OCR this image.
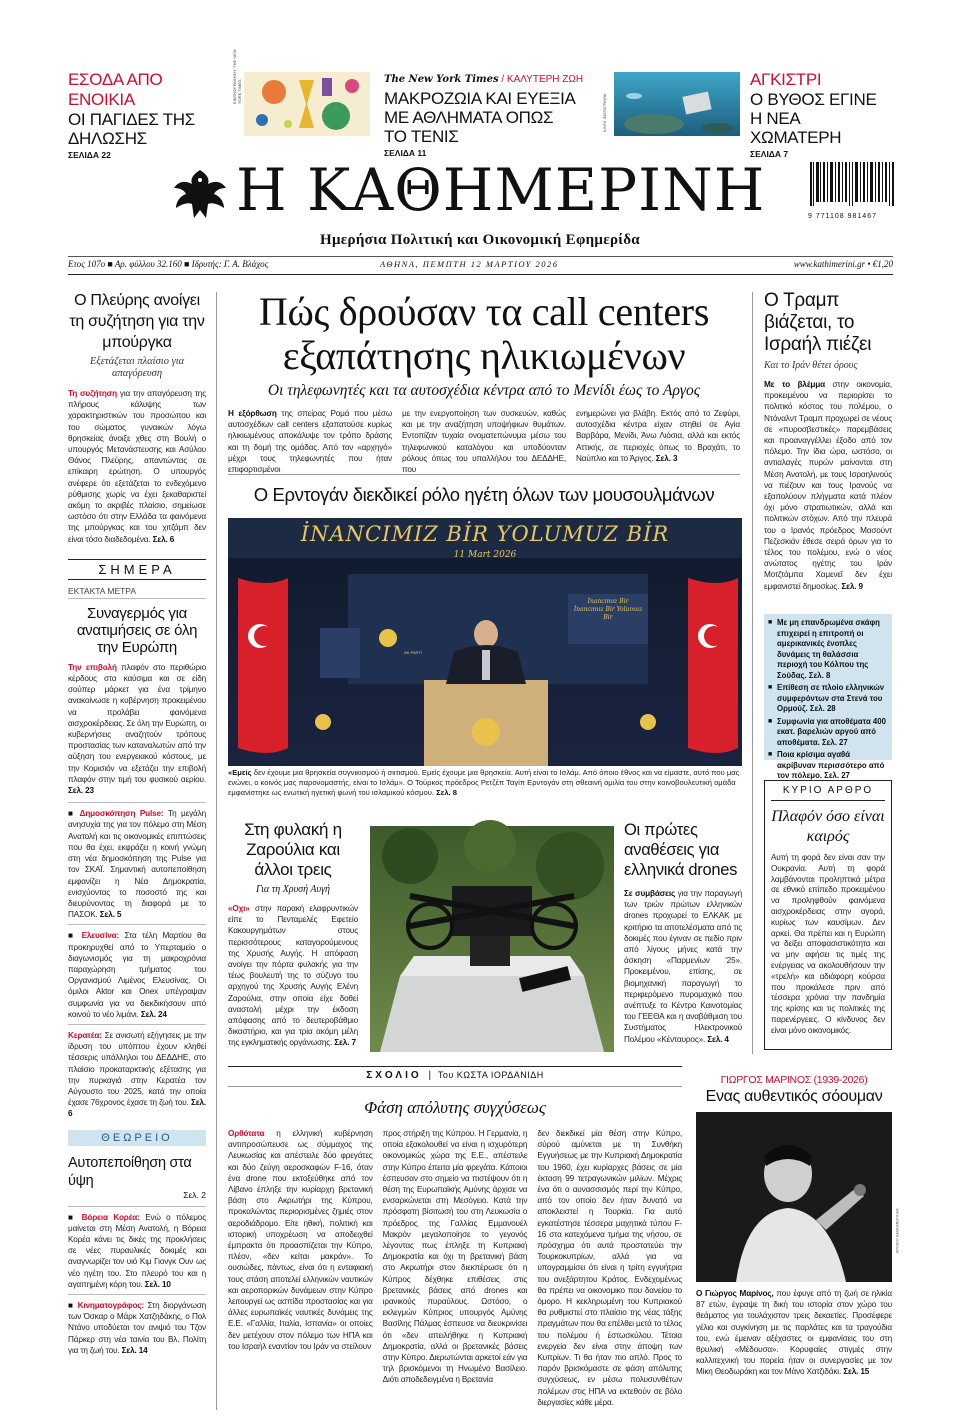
ΕΣΟΔΑ ΑΠΟ ΕΝΟΙΚΙΑ
ΟΙ ΠΑΓΙΔΕΣ ΤΗΣ ΔΗΛΩΣΗΣ
ΣΕΛΙΔΑ 22
ΕΙΚΟΝΟΓΡΑΦΗΣΗ: ΤΗΕ NEW YORK TIMES	The New York Times / ΚΑΛΥΤΕΡΗ ΖΩΗ
ΜΑΚΡΟΖΩΙΑ ΚΑΙ ΕΥΕΞΙΑ ΜΕ ΑΘΛΗΜΑΤΑ ΟΠΩΣ ΤΟ ΤΕΝΙΣ
ΣΕΛΙΔΑ 11
ΚΙΝΓΚ ΦΩΤΟΓΡΑΦΙΑ
ΑΓΚΙΣΤΡΙ
Ο ΒΥΘΟΣ ΕΓΙΝΕ Η ΝΕΑ ΧΩΜΑΤΕΡΗ
ΣΕΛΙΔΑ 7
Η ΚΑΘΗΜΕΡΙΝΗ	9 771108 981467
Ημερήσια Πολιτική και Οικονομική Εφημερίδα
Ετος 107ο ■ Αρ. φύλλου 32.160 ■ Ιδρυτής: Γ. Α. Βλάχος	ΑΘΗΝΑ, ΠΕΜΠΤΗ 12 ΜΑΡΤΙΟΥ 2026	www.kathimerini.gr • €1,20
Ο Πλεύρης ανοίγει τη συζήτηση για την μπούργκα
Εξετάζεται πλαίσιο για απαγόρευση

Τη συζήτηση για την απαγόρευση της πλήρους κάλυψης των χαρακτηριστικών του προσώπου και του σώματος γυναικών λόγω θρησκείας άνοιξε χθες στη Βουλή ο υπουργός Μετανάστευσης και Ασύλου Θάνος Πλεύρης, απαντώντας σε επίκαιρη ερώτηση. Ο υπουργός ανέφερε ότι εξετάζεται το ενδεχόμενο ρύθμισης χωρίς να έχει ξεκαθαριστεί ακόμη το ακριβές πλαίσιο, σημείωσε ωστόσο ότι στην Ελλάδα τα φαινόμενα της μπούργκας και του χιτζάμπ δεν είναι τόσο διαδεδομένα. Σελ. 6

ΣΗΜΕΡΑ
ΕΚΤΑΚΤΑ ΜΕΤΡΑ
Συναγερμός για ανατιμήσεις σε όλη την Ευρώπη

Την επιβολή πλαφόν στο περιθώριο κέρδους στα καύσιμα και σε είδη σούπερ μάρκετ για ένα τρίμηνο ανακοίνωσε η κυβέρνηση προκειμένου να προλάβει φαινόμενα αισχροκέρδειας. Σε όλη την Ευρώπη, οι κυβερνήσεις αναζητούν τρόπους προστασίας των καταναλωτών από την αύξηση του ενεργειακού κόστους, με την Κομισιόν να εξετάζει την επιβολή πλαφόν στην τιμή του φυσικού αερίου. Σελ. 23

■ Δημοσκόπηση Pulse: Τη μεγάλη ανησυχία της για τον πόλεμο στη Μέση Ανατολή και τις οικονομικές επιπτώσεις που θα έχει, εκφράζει η κοινή γνώμη στη νέα δημοσκόπηση της Pulse για τον ΣΚΑΪ. Σημαντική αυτοπεποίθηση εμφανίζει η Νέα Δημοκρατία, ενισχύοντας το ποσοστό της και διευρύνοντας τη διαφορά με το ΠΑΣΟΚ. Σελ. 5

■ Ελευσίνα: Στα τέλη Μαρτίου θα προκηρυχθεί από το Υπερταμείο ο διαγωνισμός για τη μακροχρόνια παραχώρηση τμήματος του Οργανισμού Λιμένος Ελευσίνας. Οι όμιλοι Aktor και Onex υπέγραψαν συμφωνία για να διεκδικήσουν από κοινού το νέο λιμάνι. Σελ. 24

Κερατέα: Σε ανισωτή εξήγησεις με την ίδρυση του υπόπτου έχουν κληθεί τέσσερις υπάλληλοι του ΔΕΔΔΗΕ, στο πλαίσιο προκαταρκτικής εξέτασης για την πυρκαγιά στην Κερατέα τον Αύγουστο του 2025, κατά την οποία έχασε 76χρονος έχασε τη ζωή του. Σελ. 6

ΘΕΩΡΕΙΟ
Αυτοπεποίθηση στα ύψη
Σελ. 2

■ Βόρεια Κορέα: Ενώ ο πόλεμος μαίνεται στη Μέση Ανατολή, η Βόρεια Κορέα κάνει τις δικές της προκλήσεις σε νέες πυραυλικές δοκιμές και αναγνωρίζει τον υιό Κιμ Γιονγκ Ουν ως νέο ηγέτη του. Στο πλευρό του και η αγαπημένη κόρη του. Σελ. 10

■ Κινηματογράφος: Στη διοργάνωση των Όσκαρ ο Μάρκ Χατζηδάκης, ο Πολ Ντάνο υποδύεται τον ανιψιό του Τζον Πάρκερ στη νέα ταινία του Βλ. Πολίτη για τη ζωή του. Σελ. 14

Πώς δρούσαν τα call centers εξαπάτησης ηλικιωμένων
Οι τηλεφωνητές και τα αυτοσχέδια κέντρα από το Μενίδι έως το Αργος

Η εξόρθωση της σπείρας Ρομά που μέσω αυτοσχέδιων call centers εξαπατούσε κυρίως ηλικιωμένους αποκάλυψε τον τρόπο δράσης και τη δομή της ομάδας. Από τον «αρχηγό» μέχρι τους τηλεφωνητές που ήταν επιφορτισμένοι

με την ενεργοποίηση των συσκευών, καθώς και με την αναζήτηση υποψήφιων θυμάτων. Εντοπίζαν τυχαία ονοματεπώνυμα μέσω του τηλεφωνικού καταλόγου και υποδύονταν ρόλους όπως του υπαλλήλου του ΔΕΔΔΗΕ, που

ενημερώνει για βλάβη. Εκτός από το Ζεφύρι, αυτοσχέδια κέντρα είχαν στηθεί σε Αγία Βαρβάρα, Μενίδι, Άνω Λιόσια, αλλά και εκτός Αττικής, σε περιοχές όπως το Βραχάτι, το Ναύπλιο και το Άργος. Σελ. 3

Ο Ερντογάν διεκδικεί ρόλο ηγέτη όλων των μουσουλμάνων
İNANCIMIZ BİR YOLUMUZ BİR
11 Mart 2026
İnancımız Bir İnancımız Bir Yolumuz Bir
AK PARTİ

«Εμείς δεν έχουμε μια θρησκεία συγνικισμού ή σιιτισμού. Εμείς έχουμε μια θρησκεία. Αυτή είναι το Ισλάμ. Από όποιο έθνος και να είμαστε, αυτό που μας ενώνει, ο κοινός μας παρονομαστής, είναι το Ισλάμ». Ο Τούρκος πρόεδρος Ρετζέπ Ταγίπ Ερντογάν στη σθεαινή ομιλία του στην κοινοβουλευτική ομάδα εμφανίστηκε ως ενωτική ηγετική φωνή του ισλαμικού κόσμου. Σελ. 8

Ο Τραμπ βιάζεται, το Ισραήλ πιέζει
Και το Ιράν θέτει όρους

Με το βλέμμα στην οικονομία, προκειμένου να περιορίσει το πολιτικό κόστος του πολέμου, ο Ντόναλντ Τραμπ προχωρεί σε νέους σε «πυροσβεστικές» παρεμβάσεις και προαναγγέλλει έξοδο από τον πόλεμο. Την ίδια ώρα, ωστόσο, οι αντιαλαγές πυρών μαίνονται στη Μέση Ανατολή, με τους Ισραηλινούς να πιέζουν και τους Ιρανούς να εξαπολύουν πλήγματα κατά πλέον όχι μόνο στρατιωτικών, αλλά και πολιτικών στόχων. Από την πλευρά του ο Ιρανός πρόεδρος Μασούντ Πεζεσκιάν έθεσε σειρά όρων για το τέλος του πολέμου, ενώ ο νέος ανώτατος ηγέτης του Ιράν Μοτζτάμπα Χαμενεΐ δεν έχει εμφανιστεί δημοσίως. Σελ. 9

■ Με μη επανδρωμένα σκάφη επιχειρεί η επιτροπή οι αμερικανικές ένοπλες δυνάμεις τη θαλάσσια περιοχή του Κόλπου της Σούδας. Σελ. 8

■ Επίθεση σε πλοίο ελληνικών συμφερόντων στα Στενά του Ορμούζ. Σελ. 28

■ Συμφωνία για αποθέματα 400 εκατ. βαρελιών αργού από αποθέματα. Σελ. 27

■ Ποια κρίσιμα αγαθά ακρίβυναν περισσότερο από τον πόλεμο. Σελ. 27

ΚΥΡΙΟ ΑΡΘΡΟ
Πλαφόν όσο είναι καιρός

Αυτή τη φορά δεν είναι σαν την Ουκρανία. Αυτή τη φορά λαμβάνονται προληπτικά μέτρα σε εθνικό επίπεδο προκειμένου να προληφθούν φαινόμενα αισχροκέρδειας στην αγορά, κυρίως των καυσίμων. Δεν αρκεί. Θα πρέπει και η Ευρώπη να δείξει αποφασιστικότητα και να μην αφήσει τις τιμές της ενέργειας να ακολουθήσουν την «τρελή» και αδιάφορη κούρσα που προκάλεσε πριν από τέσσερα χρόνια την πανδημία της κρίσης και τις πολιτικές της παρενέργειες. Ο κίνδυνος δεν είναι μόνο οικονομικός.

Στη φυλακή η Ζαρούλια και άλλοι τρεις
Για τη Χρυσή Αυγή

«Οχι» στην παρακή ελαφρυντικών είπε το Πενταμελές Εφετείο Κακουργημάτων στους περισσότερους καταγορούμενους της Χρυσής Αυγής. Η απόφαση ανοίγει την πόρτα φυλακής για την τέως βουλευτή της το σύζυγο του αρχηγού της Χρυσής Αυγής Ελένη Ζαρούλια, στην οποία είχε δοθεί αναστολή μέχρι την έκδοση απόφασης από το δευτεροβάθμιο δικαστήριο, και για τρία ακόμη μέλη της εγκληματικής οργάνωσης. Σελ. 7

Οι πρώτες αναθέσεις για ελληνικά drones

Σε συμβάσεις για την παραγωγή των τριών πρώτων ελληνικών drones προχωρεί το ΕΛΚΑΚ με κριτήριο τα αποτελέσματα από τις δοκιμές που έγιναν σε πεδίο πριν από λίγους μήνες κατά την άσκηση «Παρμενίων '25». Προκειμένου, επίσης, σε βιομηχανική παραγωγή το περιφερόμενο πυρομαχικό που ανέπτυξε το Κέντρο Καινοτομίας του ΓΕΕΘΑ και η αναβάθμιση του Συστήματος Ηλεκτρονικού Πολέμου «Κένταυρος». Σελ. 4

ΣΧΟΛΙΟ | Του ΚΩΣΤΑ ΙΟΡΔΑΝΙΔΗ
Φάση απόλυτης συγχύσεως

Ορθότατα η ελληνική κυβέρνηση αντιπροσώπευσε ως σύμμαχος της Λευκωσίας και απέστειλε δύο φρεγάτες και δύο ζεύγη αεροσκαφών F-16, όταν ένα drone που εκτοξεύθηκε από τον Λίβανο έπληξε την κυρίαρχη βρετανική βάση στο Ακρωτήρι της Κύπρου, προκαλώντας περιορισμένες ζημιές στον αεροδιάδρομο. Είτε ηθική, πολιτική και ιστορική υποχρέωση να αποδειχθεί έμπρακτα ότι προασπίζεται την Κύπρο, πλέον, «δεν κείται μακράν». Το ουσιώδες, πάντως, είναι ότι η ενταφιακή τους στάση αποτελεί ελληνικών ναυτικών και αεροπορικών δυνάμεων στην Κύπρο λειτουργεί ως ασπίδα προστασίας και για άλλες ευρωπαϊκές ναυτικές δυνάμεις της Ε.Ε. «Γαλλία, Ιταλία, Ισπανία» οι οποίες δεν μετέχουν στον πόλεμο των ΗΠΑ και του Ισραήλ εναντίον του Ιράν να στείλουν

προς στήριξη της Κύπρου. Η Γερμανία, η οποία εξακολουθεί να είναι η ισχυρότερη οικονομικώς χώρα της Ε.Ε., απέστειλε στην Κύπρο έπειτα μία φρεγάτα. Κάποιοι έσπευσαν στο σημείο να πιστέψουν ότι η θέση της Ευρωπαϊκής Αμύνης άρχισε να ενσαρκώνεται στη Μεσόγειο. Κατά την πρόσφατη βίσιτωσή του στη Λευκωσία ο πρόεδρος της Γαλλίας Εμμανουέλ Μακρόν μεγαλοποίησε το γεγονός λέγοντας πως έπληξε τη Κυπριακή Δημοκρατία και όχι τη βρετανική βάση στο Ακρωτήρι στον διεκπέρωσε ότι η Κύπρος δέχθηκε επιθέσεις στις βρετανικές βάσεις από drones και ιρανικούς πυραύλους. Ωστόσο, ο εκλεγμών Κύπριος υπουργός Αμύνης Βασίλης Πάλμας έσπευσε να διευκρινίσει ότι «δεν απειλήθηκε η Κυπριακή Δημοκρατία, αλλά οι βρετανικές βάσεις στην Κύπρο. Διερωτώνται αρκετοί εάν για τηλ βρισκόμενοι τη Ηνωμένο Βασίλειο. Διότι αποδεδειγμένα η Βρετανία

δεν διεκδικεί μία θέση στην Κύπρο, σύρού αμύνεται με τη Συνθήκη Εγγυήσεως με την Κυπριακή Δημοκρατία του 1960, έχει κυρίαρχες βάσεις σε μία έκταση 99 τετραγωνικών μιλίων. Μέχρις ένα ότι ο αυνασσισμός περί την Κύπρο, από τον οποίο δεν ήταν δυνατό να αποκλειστεί η Τουρκία. Για αυτό εγκατέστησε τέσσερα μαχητικά τύπου F-16 στα κατεχόμενα τμήμα της νήσου, σε πρόσχημα ότι αυτά προστατεύει την Τουρκοκυπρίων, αλλά για να υπογραμμίσει ότι είναι η τρίτη εγγυήτρια του ανεξάρτητου Κράτος. Ενδεχομένως θα πρέπει να οικονομικο που δανείου το όμορο. Η κεκληρωμένη του Κυπριακού θα ρυθμιστεί στο πλαίσιο της νέας τάξης πραγμάτων που θα επέλθει μετά το τέλος του πολέμου ή έστωσκύλου. Τέτοια ενεργεία δεν είναι στην άποψη των Κυπρίων. Τι θα ήταν πιο απλό. Προς το παρόν βρισκόμαστε σε φάση απόλυτης συγχύσεως, εν μέσω πολυσυνθέτων πολέμων στις ΗΠΑ να εκτεθούν σε βόλο διεργασίες κάθε μέρα.

ΓΙΩΡΓΟΣ ΜΑΡΙΝΟΣ (1939-2026)
Ενας αυθεντικός σόουμαν
ΑΡΧΕΙΟ ΚΑΘΗΜΕΡΙΝΗΣ

Ο Γιώργος Μαρίνος, που έφυγε από τη ζωή σε ηλικία 87 ετών, έγραψε τη δική του ιστορία στον χώρο του θεάματος για τουλάχιστον τρεις δεκαετίες. Προσέφερε γέλιο και συγκίνηση με τις παρλάτες και τα τραγούδια του, ενώ έμειναν αξέχαστες οι εμφανίσεις του στη θρυλική «Μέδουσα». Κορυφαίες στιγμές στην καλλιτεχνική του πορεία ήταν οι συνεργασίες με τον Μίκη Θεοδωράκη και τον Μάνο Χατζιδάκι. Σελ. 15
